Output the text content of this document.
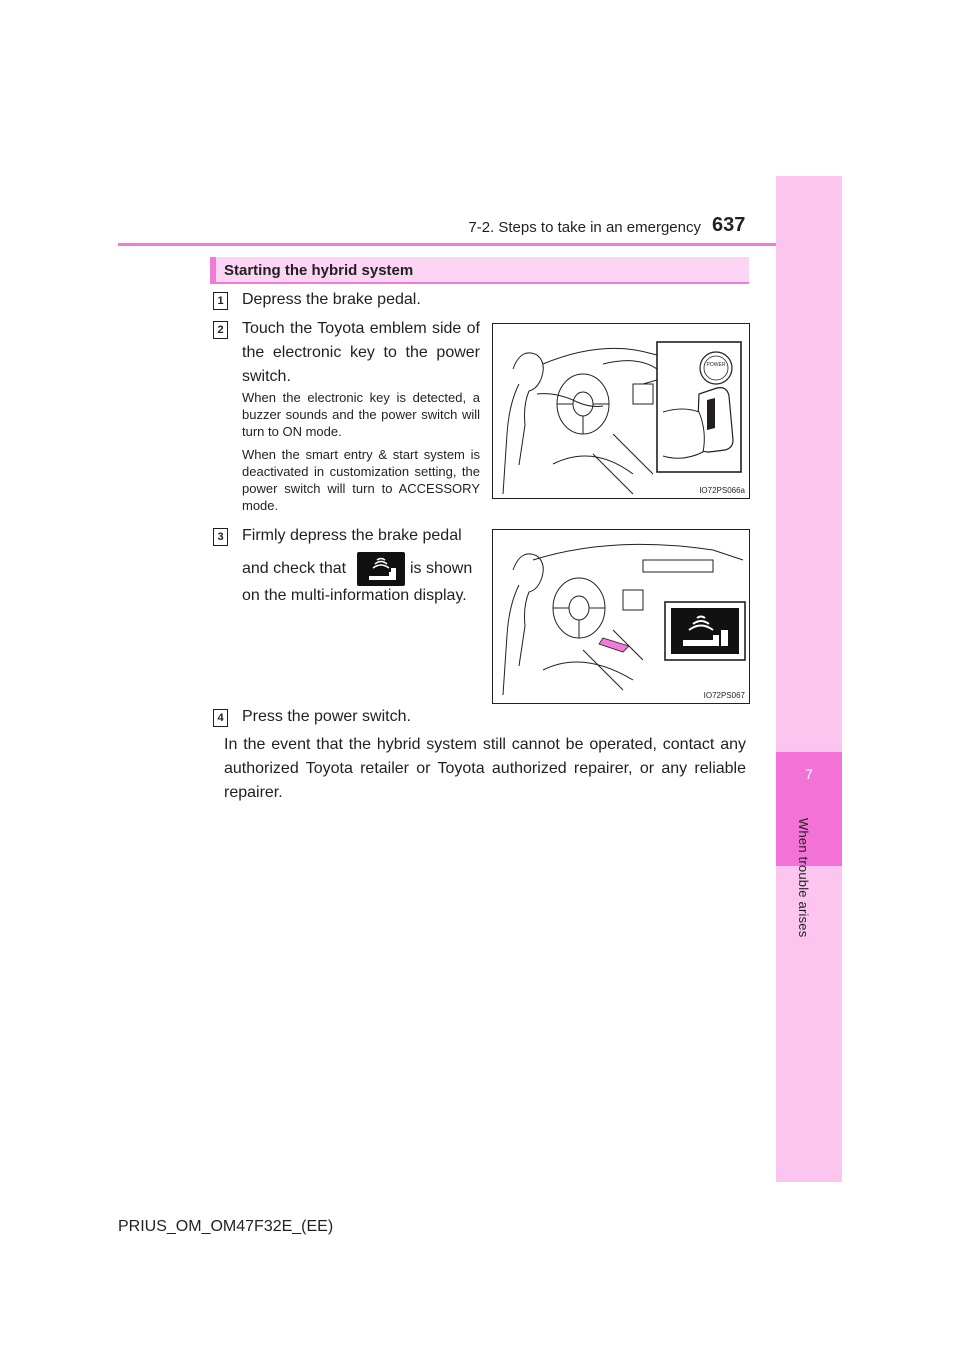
7-2. Steps to take in an emergency 637
7
When trouble arises
Starting the hybrid system
1 Depress the brake pedal.
2 Touch the Toyota emblem side of the electronic key to the power switch.
When the electronic key is detected, a buzzer sounds and the power switch will turn to ON mode.
When the smart entry & start system is deactivated in customization setting, the power switch will turn to ACCESSORY mode.
POWER
IO72PS066a
3 Firmly depress the brake pedal
and check that	is shown
on the multi-information display.
IO72PS067
4 Press the power switch.
In the event that the hybrid system still cannot be operated, contact any authorized Toyota retailer or Toyota authorized repairer, or any reliable repairer.
PRIUS_OM_OM47F32E_(EE)
